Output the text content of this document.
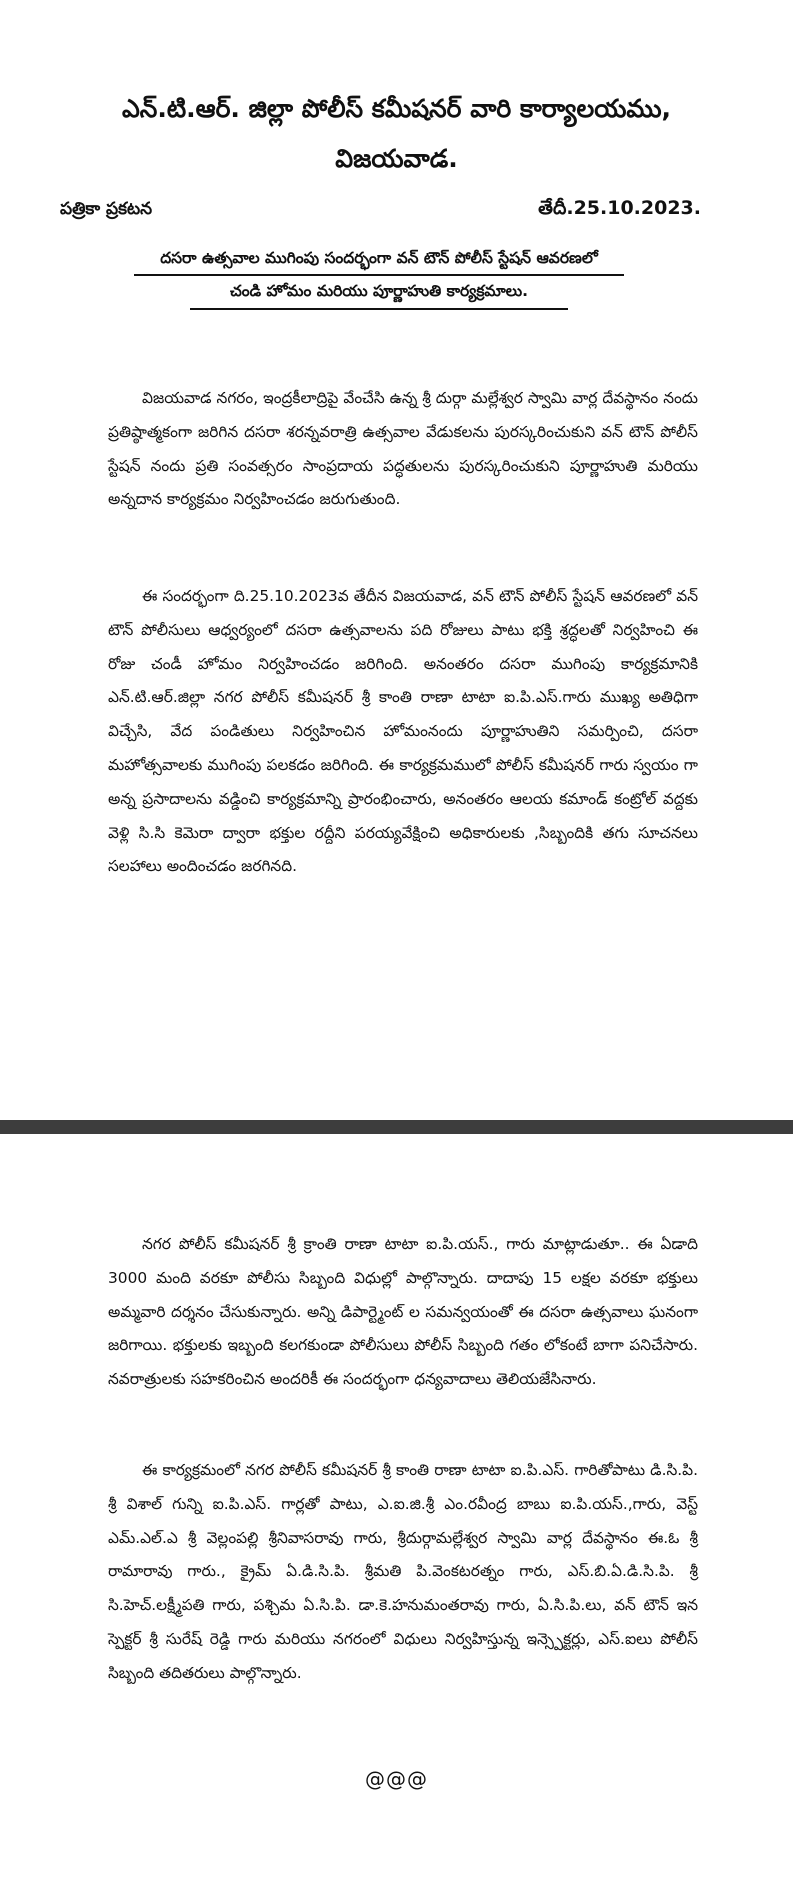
ఎన్.టి.ఆర్. జిల్లా పోలీస్ కమీషనర్ వారి కార్యాలయము,
విజయవాడ.
పత్రికా ప్రకటన	తేదీ.25.10.2023.
దసరా ఉత్సవాల ముగింపు సందర్భంగా వన్ టౌన్ పోలీస్ స్టేషన్ ఆవరణలో
చండి హోమం మరియు పూర్ణాహుతి కార్యక్రమాలు.

విజయవాడ నగరం, ఇంద్రకీలాద్రిపై వేంచేసి ఉన్న శ్రీ దుర్గా మల్లేశ్వర స్వామి వార్ల దేవస్థానం నందు ప్రతిష్ఠాత్మకంగా జరిగిన దసరా శరన్నవరాత్రి ఉత్సవాల వేడుకలను పురస్కరించుకుని వన్ టౌన్ పోలీస్ స్టేషన్ నందు ప్రతి సంవత్సరం సాంప్రదాయ పద్ధతులను పురస్కరించుకుని పూర్ణాహుతి మరియు అన్నదాన కార్యక్రమం నిర్వహించడం జరుగుతుంది.

ఈ సందర్భంగా ది.25.10.2023వ తేదీన విజయవాడ, వన్ టౌన్ పోలీస్ స్టేషన్ ఆవరణలో వన్ టౌన్ పోలీసులు ఆధ్వర్యంలో దసరా ఉత్సవాలను పది రోజులు పాటు భక్తి శ్రద్ధలతో నిర్వహించి ఈ రోజు చండీ హోమం నిర్వహించడం జరిగింది. అనంతరం దసరా ముగింపు కార్యక్రమానికి ఎన్.టి.ఆర్.జిల్లా నగర పోలీస్ కమీషనర్ శ్రీ కాంతి రాణా టాటా ఐ.పి.ఎస్.గారు ముఖ్య అతిధిగా విచ్చేసి, వేద పండితులు నిర్వహించిన హోమంనందు పూర్ణాహుతిని సమర్పించి, దసరా మహోత్సవాలకు ముగింపు పలకడం జరిగింది. ఈ కార్యక్రమములో పోలీస్ కమీషనర్ గారు స్వయం గా అన్న ప్రసాదాలను వడ్డించి కార్యక్రమాన్ని ప్రారంభించారు, అనంతరం ఆలయ కమాండ్ కంట్రోల్ వద్దకు వెళ్లి సి.సి కెమెరా ద్వారా భక్తుల రద్దీని పరయ్యవేక్షించి అధికారులకు ,సిబ్బందికి తగు సూచనలు సలహాలు అందించడం జరగినది.

నగర పోలీస్ కమీషనర్ శ్రీ క్రాంతి రాణా టాటా ఐ.పి.యస్., గారు మాట్లాడుతూ.. ఈ ఏడాది 3000 మంది వరకూ పోలీసు సిబ్బంది విధుల్లో పాల్గొన్నారు. దాదాపు 15 లక్షల వరకూ భక్తులు అమ్మవారి దర్శనం చేసుకున్నారు. అన్ని డిపార్ట్మెంట్ ల సమన్వయంతో ఈ దసరా ఉత్సవాలు ఘనంగా జరిగాయి. భక్తులకు ఇబ్బంది కలగకుండా పోలీసులు పోలీస్ సిబ్బంది గతం లోకంటే బాగా పనిచేసారు. నవరాత్రులకు సహకరించిన అందరికీ ఈ సందర్భంగా ధన్యవాదాలు తెలియజేసినారు.

ఈ కార్యక్రమంలో నగర పోలీస్ కమీషనర్ శ్రీ కాంతి రాణా టాటా ఐ.పి.ఎస్. గారితోపాటు డి.సి.పి. శ్రీ విశాల్ గున్ని ఐ.పి.ఎస్. గార్లతో పాటు, ఎ.ఐ.జి.శ్రీ ఎం.రవీంద్ర బాబు ఐ.పి.యస్.,గారు, వెస్ట్ ఎమ్.ఎల్.ఎ శ్రీ వెల్లంపల్లి శ్రీనివాసరావు గారు, శ్రీదుర్గామల్లేశ్వర స్వామి వార్ల దేవస్థానం ఈ.ఓ శ్రీ రామారావు గారు., క్రైమ్ ఏ.డి.సి.పి. శ్రీమతి పి.వెంకటరత్నం గారు, ఎస్.బి.ఏ.డి.సి.పి. శ్రీ సి.హెచ్.లక్ష్మీపతి గారు, పశ్చిమ ఏ.సి.పి. డా.కె.హనుమంతరావు గారు, ఏ.సి.పి.లు, వన్ టౌన్ ఇన స్పెక్టర్ శ్రీ సురేష్ రెడ్డి గారు మరియు నగరంలో విధులు నిర్వహిస్తున్న ఇన్స్పెక్టర్లు, ఎస్.ఐలు పోలీస్ సిబ్బంది తదితరులు పాల్గొన్నారు.

@@@
